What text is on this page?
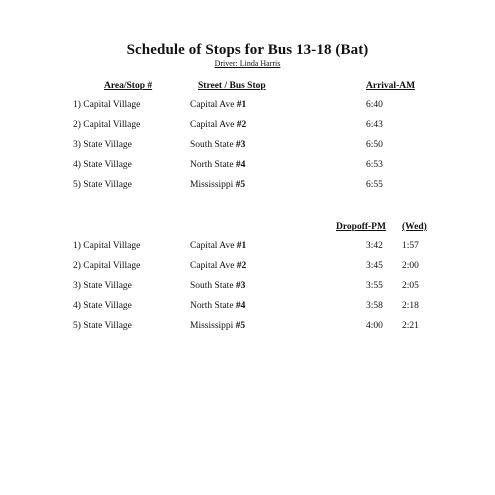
Schedule of Stops for Bus 13-18 (Bat)
Driver: Linda Harris
Area/Stop #	Street / Bus Stop	Arrival-AM
1) Capital Village	Capital Ave #1	6:40
2) Capital Village	Capital Ave #2	6:43
3) State Village	South State #3	6:50
4) State Village	North State #4	6:53
5) State Village	Mississippi #5	6:55
Dropoff-PM (Wed)
1) Capital Village	Capital Ave #1	3:42 1:57
2) Capital Village	Capital Ave #2	3:45 2:00
3) State Village	South State #3	3:55 2:05
4) State Village	North State #4	3:58 2:18
5) State Village	Mississippi #5	4:00 2:21
